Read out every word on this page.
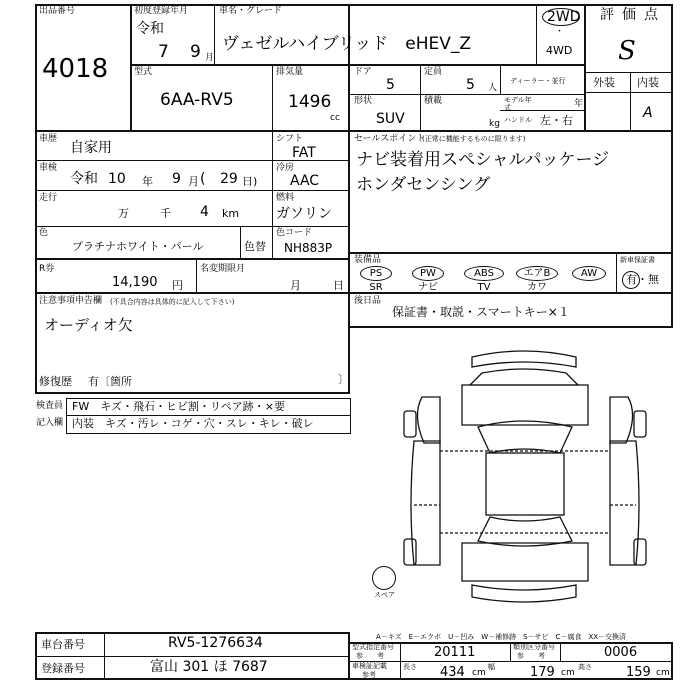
出品番号
4018
初度登録年月
令和
7 9 月
車名・グレード
ヴェゼルハイブリッド　eHEV_Z
2WD
・
4WD
評価点
S
外装 内装
A
型式
6AA-RV5
排気量
1496
cc
ドア
5
定員
5 人
形状
SUV
積載
kg
ディーラー・並行
モデル年式	年
ハンドル 左・右
車歴
自家用
車検
令和 10 年 9 月 ( 29 日)
走行
万	千 4 km
シフト
FAT
冷房
AAC
燃料
ガソリン
色
プラチナホワイト・パール	色替
色コード
NH883P
R券
14,190 円
名変期限月
月	日
注意事項申告欄 (不具合内容は具体的に記入して下さい)
オーディオ欠
修復歴 有〔箇所	〕
セールスポイント
(正常に機能するものに限ります)
ナビ装着用スペシャルパッケージ
ホンダセンシング
装備品
PS
SR
PW
ナビ
ABS
TV
エアB
カワ
AW
新車保証書
有・無
後日品
保証書・取説・スマートキー×１
検査員
記入欄
FW　キズ・飛石・ヒビ割・リペア跡・×要
内装　キズ・汚レ・コゲ・穴・スレ・キレ・破レ
スペア
A－キズ　E－エクボ　U－凹み　W－補修跡　S－サビ　C－腐食　XX－交換済
車台番号	RV5-1276634
登録番号	富山 301 ほ 7687
型式指定番号
参　　考	20111	類別区分番号
参　　考	0006
車検証記載
参考
長さ 434 cm
幅	179 cm
高さ	159 cm
